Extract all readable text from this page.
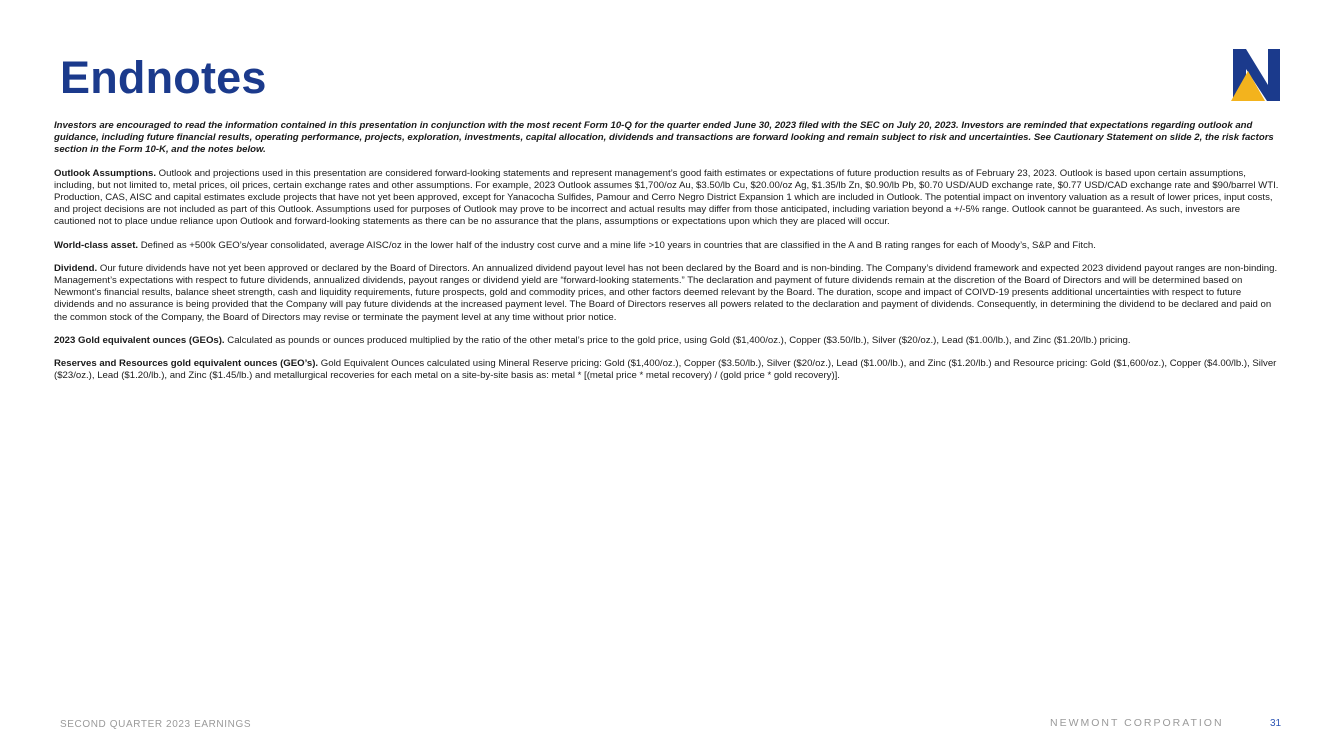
Endnotes

Investors are encouraged to read the information contained in this presentation in conjunction with the most recent Form 10-Q for the quarter ended June 30, 2023 filed with the SEC on July 20, 2023. Investors are reminded that expectations regarding outlook and guidance, including future financial results, operating performance, projects, exploration, investments, capital allocation, dividends and transactions are forward looking and remain subject to risk and uncertainties. See Cautionary Statement on slide 2, the risk factors section in the Form 10-K, and the notes below.

Outlook Assumptions. Outlook and projections used in this presentation are considered forward-looking statements and represent management’s good faith estimates or expectations of future production results as of February 23, 2023. Outlook is based upon certain assumptions, including, but not limited to, metal prices, oil prices, certain exchange rates and other assumptions. For example, 2023 Outlook assumes $1,700/oz Au, $3.50/lb Cu, $20.00/oz Ag, $1.35/lb Zn, $0.90/lb Pb, $0.70 USD/AUD exchange rate, $0.77 USD/CAD exchange rate and $90/barrel WTI. Production, CAS, AISC and capital estimates exclude projects that have not yet been approved, except for Yanacocha Sulfides, Pamour and Cerro Negro District Expansion 1 which are included in Outlook. The potential impact on inventory valuation as a result of lower prices, input costs, and project decisions are not included as part of this Outlook. Assumptions used for purposes of Outlook may prove to be incorrect and actual results may differ from those anticipated, including variation beyond a +/-5% range. Outlook cannot be guaranteed. As such, investors are cautioned not to place undue reliance upon Outlook and forward-looking statements as there can be no assurance that the plans, assumptions or expectations upon which they are placed will occur.

World-class asset. Defined as +500k GEO’s/year consolidated, average AISC/oz in the lower half of the industry cost curve and a mine life >10 years in countries that are classified in the A and B rating ranges for each of Moody’s, S&P and Fitch.

Dividend. Our future dividends have not yet been approved or declared by the Board of Directors. An annualized dividend payout level has not been declared by the Board and is non-binding. The Company’s dividend framework and expected 2023 dividend payout ranges are non-binding. Management’s expectations with respect to future dividends, annualized dividends, payout ranges or dividend yield are “forward-looking statements.” The declaration and payment of future dividends remain at the discretion of the Board of Directors and will be determined based on Newmont’s financial results, balance sheet strength, cash and liquidity requirements, future prospects, gold and commodity prices, and other factors deemed relevant by the Board. The duration, scope and impact of COIVD-19 presents additional uncertainties with respect to future dividends and no assurance is being provided that the Company will pay future dividends at the increased payment level. The Board of Directors reserves all powers related to the declaration and payment of dividends. Consequently, in determining the dividend to be declared and paid on the common stock of the Company, the Board of Directors may revise or terminate the payment level at any time without prior notice.

2023 Gold equivalent ounces (GEOs). Calculated as pounds or ounces produced multiplied by the ratio of the other metal’s price to the gold price, using Gold ($1,400/oz.), Copper ($3.50/lb.), Silver ($20/oz.), Lead ($1.00/lb.), and Zinc ($1.20/lb.) pricing.

Reserves and Resources gold equivalent ounces (GEO’s). Gold Equivalent Ounces calculated using Mineral Reserve pricing: Gold ($1,400/oz.), Copper ($3.50/lb.), Silver ($20/oz.), Lead ($1.00/lb.), and Zinc ($1.20/lb.) and Resource pricing: Gold ($1,600/oz.), Copper ($4.00/lb.), Silver ($23/oz.), Lead ($1.20/lb.), and Zinc ($1.45/lb.) and metallurgical recoveries for each metal on a site-by-site basis as: metal * [(metal price * metal recovery) / (gold price * gold recovery)].

SECOND QUARTER 2023 EARNINGS	NEWMONT CORPORATION	31
